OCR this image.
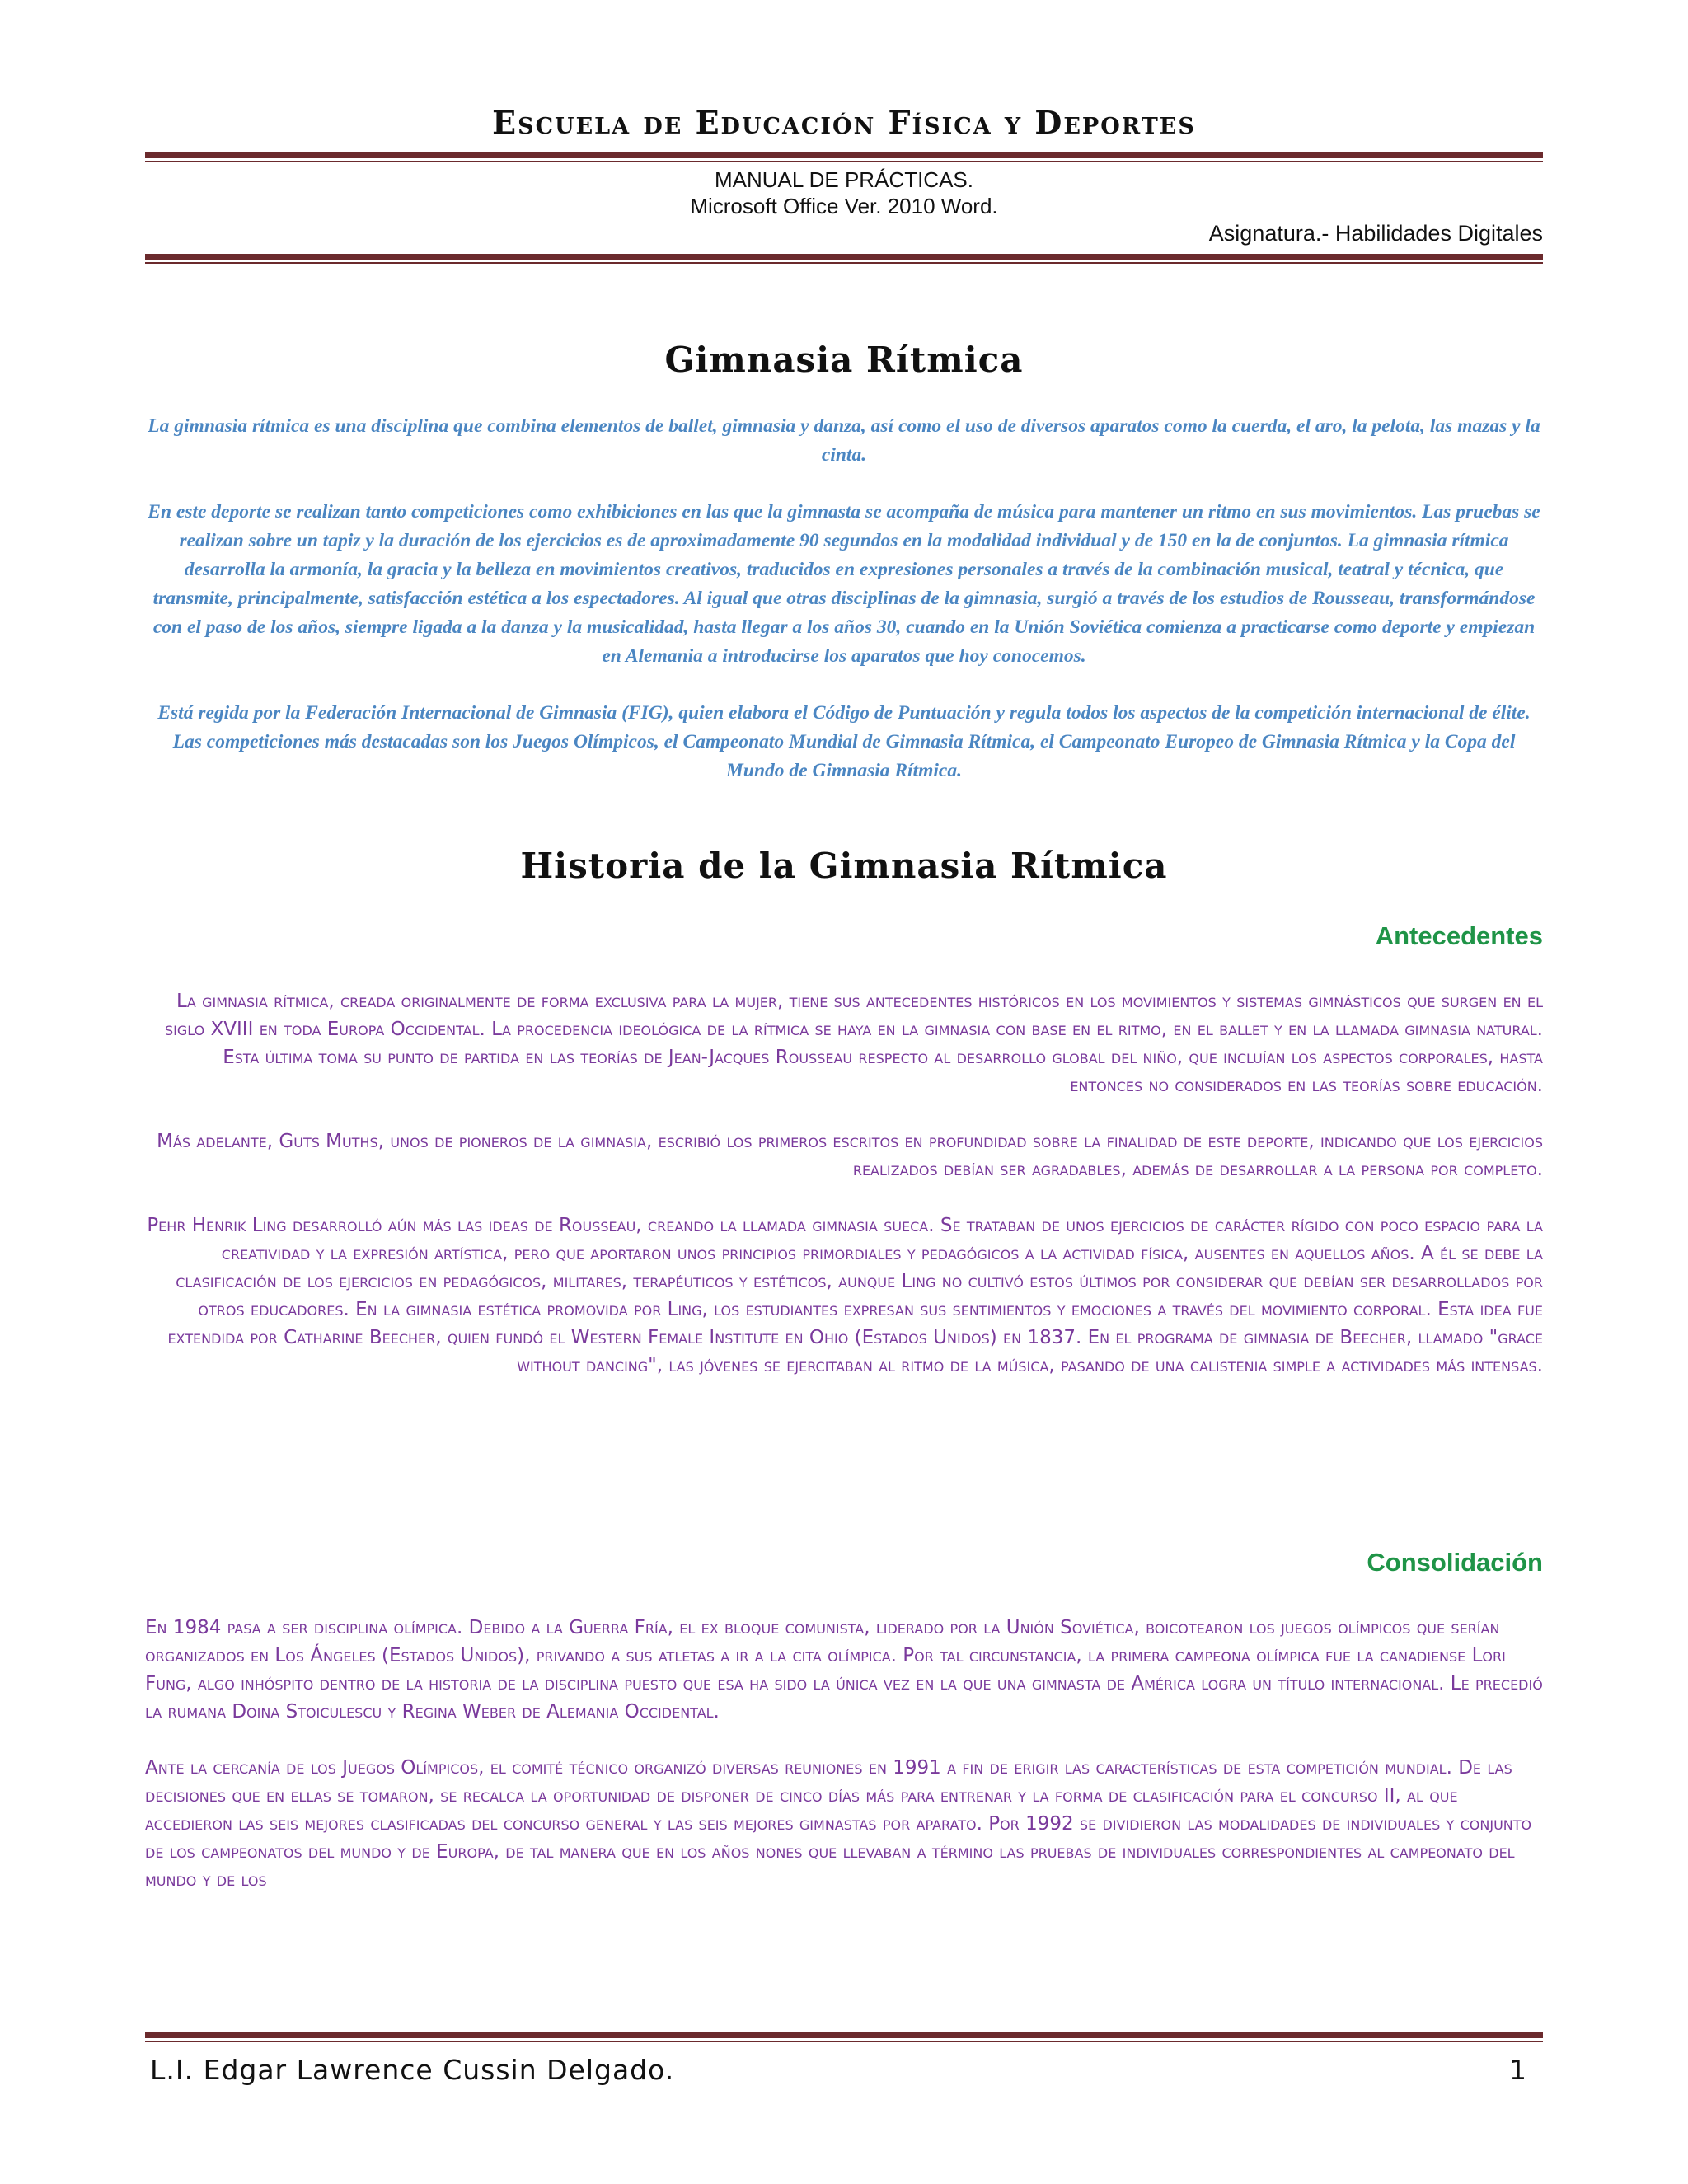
Escuela de Educación Física y Deportes
MANUAL DE PRÁCTICAS.
Microsoft Office Ver. 2010 Word.
Asignatura.- Habilidades Digitales
Gimnasia Rítmica

La gimnasia rítmica es una disciplina que combina elementos de ballet, gimnasia y danza, así como el uso de diversos aparatos como la cuerda, el aro, la pelota, las mazas y la cinta.

En este deporte se realizan tanto competiciones como exhibiciones en las que la gimnasta se acompaña de música para mantener un ritmo en sus movimientos. Las pruebas se realizan sobre un tapiz y la duración de los ejercicios es de aproximadamente 90 segundos en la modalidad individual y de 150 en la de conjuntos. La gimnasia rítmica desarrolla la armonía, la gracia y la belleza en movimientos creativos, traducidos en expresiones personales a través de la combinación musical, teatral y técnica, que transmite, principalmente, satisfacción estética a los espectadores. Al igual que otras disciplinas de la gimnasia, surgió a través de los estudios de Rousseau, transformándose con el paso de los años, siempre ligada a la danza y la musicalidad, hasta llegar a los años 30, cuando en la Unión Soviética comienza a practicarse como deporte y empiezan en Alemania a introducirse los aparatos que hoy conocemos.

Está regida por la Federación Internacional de Gimnasia (FIG), quien elabora el Código de Puntuación y regula todos los aspectos de la competición internacional de élite. Las competiciones más destacadas son los Juegos Olímpicos, el Campeonato Mundial de Gimnasia Rítmica, el Campeonato Europeo de Gimnasia Rítmica y la Copa del Mundo de Gimnasia Rítmica.

Historia de la Gimnasia Rítmica
Antecedentes

La gimnasia rítmica, creada originalmente de forma exclusiva para la mujer, tiene sus antecedentes históricos en los movimientos y sistemas gimnásticos que surgen en el siglo XVIII en toda Europa Occidental. La procedencia ideológica de la rítmica se haya en la gimnasia con base en el ritmo, en el ballet y en la llamada gimnasia natural. Esta última toma su punto de partida en las teorías de Jean-Jacques Rousseau respecto al desarrollo global del niño, que incluían los aspectos corporales, hasta entonces no considerados en las teorías sobre educación.

Más adelante, Guts Muths, unos de pioneros de la gimnasia, escribió los primeros escritos en profundidad sobre la finalidad de este deporte, indicando que los ejercicios realizados debían ser agradables, además de desarrollar a la persona por completo.

Pehr Henrik Ling desarrolló aún más las ideas de Rousseau, creando la llamada gimnasia sueca. Se trataban de unos ejercicios de carácter rígido con poco espacio para la creatividad y la expresión artística, pero que aportaron unos principios primordiales y pedagógicos a la actividad física, ausentes en aquellos años. A él se debe la clasificación de los ejercicios en pedagógicos, militares, terapéuticos y estéticos, aunque Ling no cultivó estos últimos por considerar que debían ser desarrollados por otros educadores. En la gimnasia estética promovida por Ling, los estudiantes expresan sus sentimientos y emociones a través del movimiento corporal. Esta idea fue extendida por Catharine Beecher, quien fundó el Western Female Institute en Ohio (Estados Unidos) en 1837. En el programa de gimnasia de Beecher, llamado "grace without dancing", las jóvenes se ejercitaban al ritmo de la música, pasando de una calistenia simple a actividades más intensas.

Consolidación

En 1984 pasa a ser disciplina olímpica. Debido a la Guerra Fría, el ex bloque comunista, liderado por la Unión Soviética, boicotearon los juegos olímpicos que serían organizados en Los Ángeles (Estados Unidos), privando a sus atletas a ir a la cita olímpica. Por tal circunstancia, la primera campeona olímpica fue la canadiense Lori Fung, algo inhóspito dentro de la historia de la disciplina puesto que esa ha sido la única vez en la que una gimnasta de América logra un título internacional. Le precedió la rumana Doina Stoiculescu y Regina Weber de Alemania Occidental.

Ante la cercanía de los Juegos Olímpicos, el comité técnico organizó diversas reuniones en 1991 a fin de erigir las características de esta competición mundial. De las decisiones que en ellas se tomaron, se recalca la oportunidad de disponer de cinco días más para entrenar y la forma de clasificación para el concurso II, al que accedieron las seis mejores clasificadas del concurso general y las seis mejores gimnastas por aparato. Por 1992 se dividieron las modalidades de individuales y conjunto de los campeonatos del mundo y de Europa, de tal manera que en los años nones que llevaban a término las pruebas de individuales correspondientes al campeonato del mundo y de los

L.I. Edgar Lawrence Cussin Delgado.	1
